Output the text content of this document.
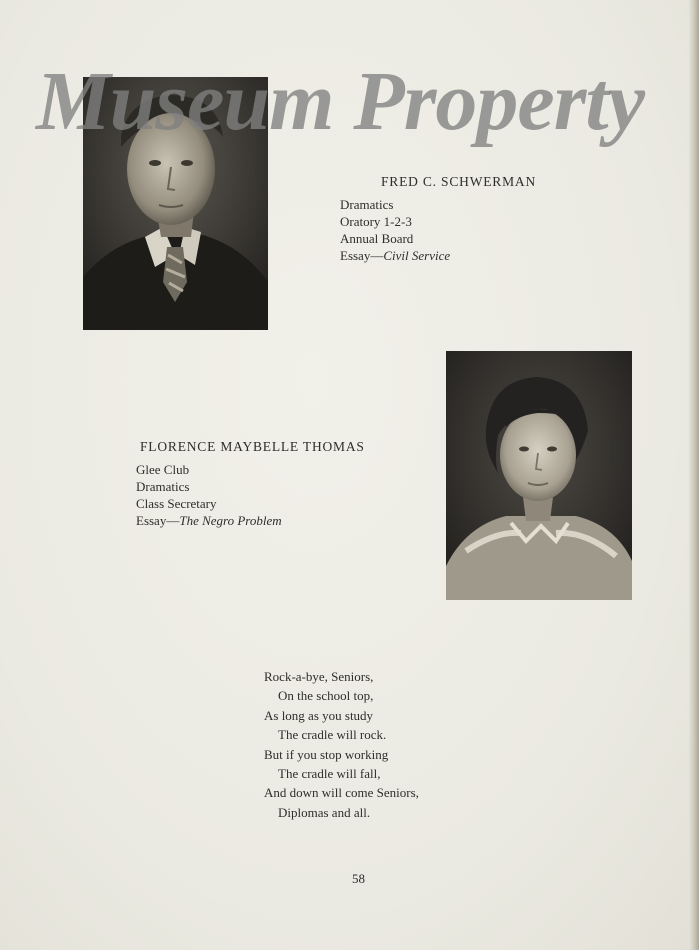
Museum Property
FRED C. SCHWERMAN
Dramatics
Oratory 1-2-3
Annual Board
Essay—Civil Service
FLORENCE MAYBELLE THOMAS
Glee Club
Dramatics
Class Secretary
Essay—The Negro Problem
Rock-a-bye, Seniors,
On the school top,
As long as you study
The cradle will rock.
But if you stop working
The cradle will fall,
And down will come Seniors,
Diplomas and all.
58
